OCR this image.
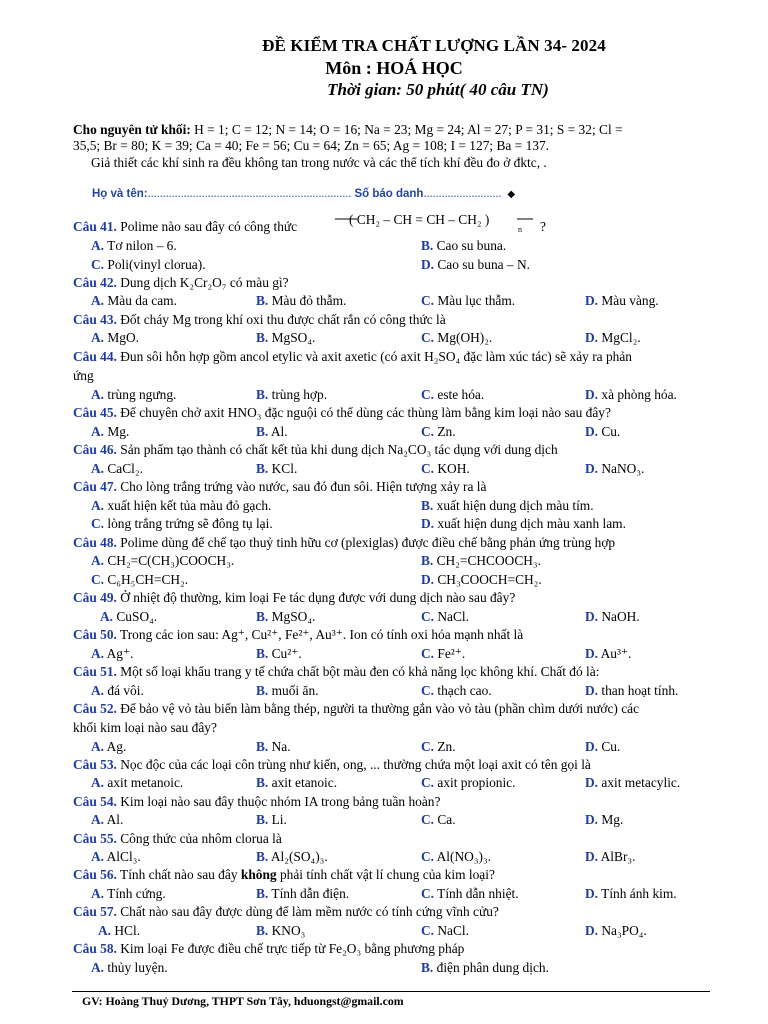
ĐỀ KIỂM TRA CHẤT LƯỢNG LẦN 34- 2024
Môn : HOÁ HỌC
Thời gian: 50 phút( 40 câu TN)
Cho nguyên tử khối: H = 1; C = 12; N = 14; O = 16; Na = 23; Mg = 24; Al = 27; P = 31; S = 32; Cl =
35,5; Br = 80; K = 39; Ca = 40; Fe = 56; Cu = 64; Zn = 65; Ag = 108; I = 127; Ba = 137.
Giả thiết các khí sinh ra đều không tan trong nước và các thể tích khí đều đo ở đktc, .
Họ và tên:.................................................................... Số báo danh.......................... ◆
Câu 41. Polime nào sau đây có công thức	( CH₂ – CH = CH – CH₂ )
n ?
A. Tơ nilon – 6.	B. Cao su buna.
C. Poli(vinyl clorua).	D. Cao su buna – N.
Câu 42. Dung dịch K₂Cr₂O₇ có màu gì?
A. Màu da cam.	B. Màu đỏ thẫm.	C. Màu lục thẫm.	D. Màu vàng.
Câu 43. Đốt cháy Mg trong khí oxi thu được chất rắn có công thức là
A. MgO.	B. MgSO₄.	C. Mg(OH)₂.	D. MgCl₂.
Câu 44. Đun sôi hỗn hợp gồm ancol etylic và axit axetic (có axit H₂SO₄ đặc làm xúc tác) sẽ xảy ra phản
ứng
A. trùng ngưng.	B. trùng hợp.	C. este hóa.	D. xà phòng hóa.
Câu 45. Để chuyên chở axit HNO₃ đặc nguội có thể dùng các thùng làm bằng kim loại nào sau đây?
A. Mg.	B. Al.	C. Zn.	D. Cu.
Câu 46. Sản phẩm tạo thành có chất kết tủa khi dung dịch Na₂CO₃ tác dụng với dung dịch
A. CaCl₂.	B. KCl.	C. KOH.	D. NaNO₃.
Câu 47. Cho lòng trắng trứng vào nước, sau đó đun sôi. Hiện tượng xảy ra là
A. xuất hiện kết tủa màu đỏ gạch.	B. xuất hiện dung dịch màu tím.
C. lòng trắng trứng sẽ đông tụ lại.	D. xuất hiện dung dịch màu xanh lam.
Câu 48. Polime dùng để chế tạo thuỷ tinh hữu cơ (plexiglas) được điều chế bằng phản ứng trùng hợp
A. CH₂=C(CH₃)COOCH₃.	B. CH₂=CHCOOCH₃.
C. C₆H₅CH=CH₂.	D. CH₃COOCH=CH₂.
Câu 49. Ở nhiệt độ thường, kim loại Fe tác dụng được với dung dịch nào sau đây?
A. CuSO₄.	B. MgSO₄.	C. NaCl.	D. NaOH.
Câu 50. Trong các ion sau: Ag⁺, Cu²⁺, Fe²⁺, Au³⁺. Ion có tính oxi hóa mạnh nhất là
A. Ag⁺.	B. Cu²⁺.	C. Fe²⁺.	D. Au³⁺.
Câu 51. Một số loại khẩu trang y tế chứa chất bột màu đen có khả năng lọc không khí. Chất đó là:
A. đá vôi.	B. muối ăn.	C. thạch cao.	D. than hoạt tính.
Câu 52. Để bảo vệ vỏ tàu biển làm bằng thép, người ta thường gắn vào vỏ tàu (phần chìm dưới nước) các
khối kim loại nào sau đây?
A. Ag.	B. Na.	C. Zn.	D. Cu.
Câu 53. Nọc độc của các loại côn trùng như kiến, ong, ... thường chứa một loại axit có tên gọi là
A. axit metanoic.	B. axit etanoic.	C. axit propionic.	D. axit metacylic.
Câu 54. Kim loại nào sau đây thuộc nhóm IA trong bảng tuần hoàn?
A. Al.	B. Li.	C. Ca.	D. Mg.
Câu 55. Công thức của nhôm clorua là
A. AlCl₃.	B. Al₂(SO₄)₃.	C. Al(NO₃)₃.	D. AlBr₃.
Câu 56. Tính chất nào sau đây không phải tính chất vật lí chung của kim loại?
A. Tính cứng.	B. Tính dẫn điện.	C. Tính dẫn nhiệt.	D. Tính ánh kim.
Câu 57. Chất nào sau đây được dùng để làm mềm nước có tính cứng vĩnh cửu?
A. HCl.	B. KNO₃	C. NaCl.	D. Na₃PO₄.
Câu 58. Kim loại Fe được điều chế trực tiếp từ Fe₂O₃ bằng phương pháp
A. thủy luyện.	B. điện phân dung dịch.
GV: Hoàng Thuỷ Dương, THPT Sơn Tây, hduongst@gmail.com
